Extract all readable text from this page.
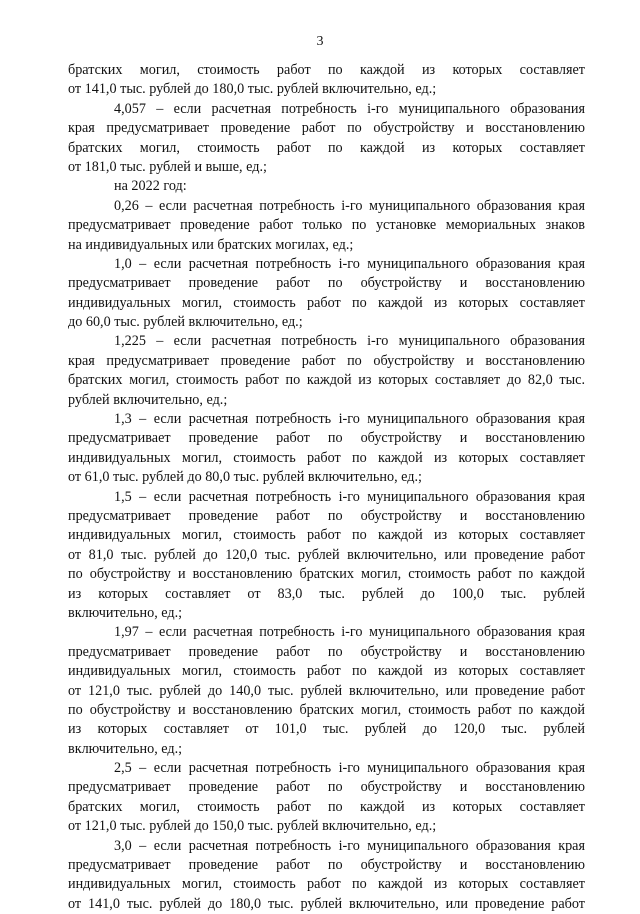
3
братских могил, стоимость работ по каждой из которых составляет
от 141,0 тыс. рублей до 180,0 тыс. рублей включительно, ед.;
4,057 – если расчетная потребность i-го муниципального образования
края предусматривает проведение работ по обустройству и восстановлению
братских могил, стоимость работ по каждой из которых составляет
от 181,0 тыс. рублей и выше, ед.;
на 2022 год:
0,26 – если расчетная потребность i-го муниципального образования края
предусматривает проведение работ только по установке мемориальных знаков
на индивидуальных или братских могилах, ед.;
1,0 – если расчетная потребность i-го муниципального образования края
предусматривает проведение работ по обустройству и восстановлению
индивидуальных могил, стоимость работ по каждой из которых составляет
до 60,0 тыс. рублей включительно, ед.;
1,225 – если расчетная потребность i-го муниципального образования
края предусматривает проведение работ по обустройству и восстановлению
братских могил, стоимость работ по каждой из которых составляет до 82,0 тыс.
рублей включительно, ед.;
1,3 – если расчетная потребность i-го муниципального образования края
предусматривает проведение работ по обустройству и восстановлению
индивидуальных могил, стоимость работ по каждой из которых составляет
от 61,0 тыс. рублей до 80,0 тыс. рублей включительно, ед.;
1,5 – если расчетная потребность i-го муниципального образования края
предусматривает проведение работ по обустройству и восстановлению
индивидуальных могил, стоимость работ по каждой из которых составляет
от 81,0 тыс. рублей до 120,0 тыс. рублей включительно, или проведение работ
по обустройству и восстановлению братских могил, стоимость работ по каждой
из которых составляет от 83,0 тыс. рублей до 100,0 тыс. рублей
включительно, ед.;
1,97 – если расчетная потребность i-го муниципального образования края
предусматривает проведение работ по обустройству и восстановлению
индивидуальных могил, стоимость работ по каждой из которых составляет
от 121,0 тыс. рублей до 140,0 тыс. рублей включительно, или проведение работ
по обустройству и восстановлению братских могил, стоимость работ по каждой
из которых составляет от 101,0 тыс. рублей до 120,0 тыс. рублей
включительно, ед.;
2,5 – если расчетная потребность i-го муниципального образования края
предусматривает проведение работ по обустройству и восстановлению
братских могил, стоимость работ по каждой из которых составляет
от 121,0 тыс. рублей до 150,0 тыс. рублей включительно, ед.;
3,0 – если расчетная потребность i-го муниципального образования края
предусматривает проведение работ по обустройству и восстановлению
индивидуальных могил, стоимость работ по каждой из которых составляет
от 141,0 тыс. рублей до 180,0 тыс. рублей включительно, или проведение работ
